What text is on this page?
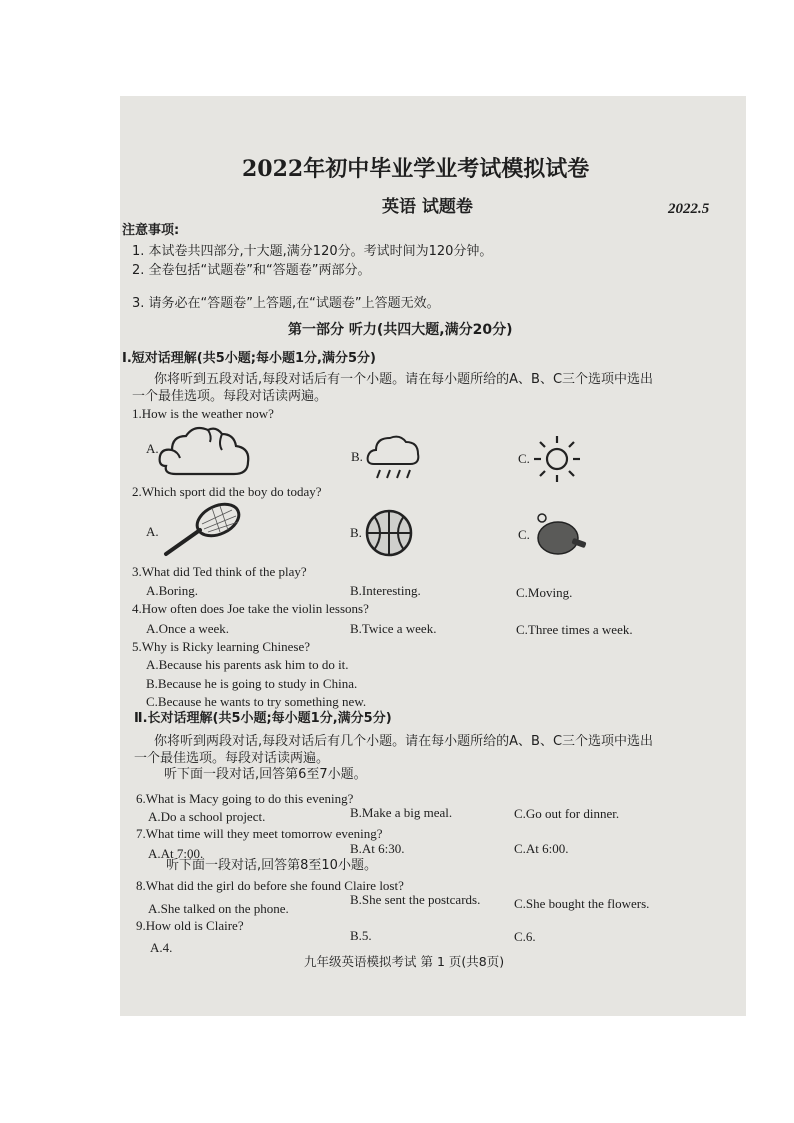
2022年初中毕业学业考试模拟试卷
英语 试题卷	2022.5
注意事项:
1. 本试卷共四部分,十大题,满分120分。考试时间为120分钟。
2. 全卷包括“试题卷”和“答题卷”两部分。
3. 请务必在“答题卷”上答题,在“试题卷”上答题无效。
第一部分 听力(共四大题,满分20分)
Ⅰ.短对话理解(共5小题;每小题1分,满分5分)
你将听到五段对话,每段对话后有一个小题。请在每小题所给的A、B、C三个选项中选出
一个最佳选项。每段对话读两遍。
1.How is the weather now?
A.
B.	C.
2.Which sport did the boy do today?
A.	B.	C.
3.What did Ted think of the play?
A.Boring.	B.Interesting.	C.Moving.
4.How often does Joe take the violin lessons?
A.Once a week.	B.Twice a week.	C.Three times a week.
5.Why is Ricky learning Chinese?
A.Because his parents ask him to do it.
B.Because he is going to study in China.
C.Because he wants to try something new.
Ⅱ.长对话理解(共5小题;每小题1分,满分5分)
你将听到两段对话,每段对话后有几个小题。请在每小题所给的A、B、C三个选项中选出
一个最佳选项。每段对话读两遍。
听下面一段对话,回答第6至7小题。
6.What is Macy going to do this evening?
A.Do a school project.	B.Make a big meal.	C.Go out for dinner.
7.What time will they meet tomorrow evening?
A.At 7:00.	B.At 6:30.	C.At 6:00.
听下面一段对话,回答第8至10小题。
8.What did the girl do before she found Claire lost?
A.She talked on the phone.
B.She sent the postcards.	C.She bought the flowers.
9.How old is Claire?
A.4.
B.5.	C.6.
九年级英语模拟考试 第 1 页(共8页)
